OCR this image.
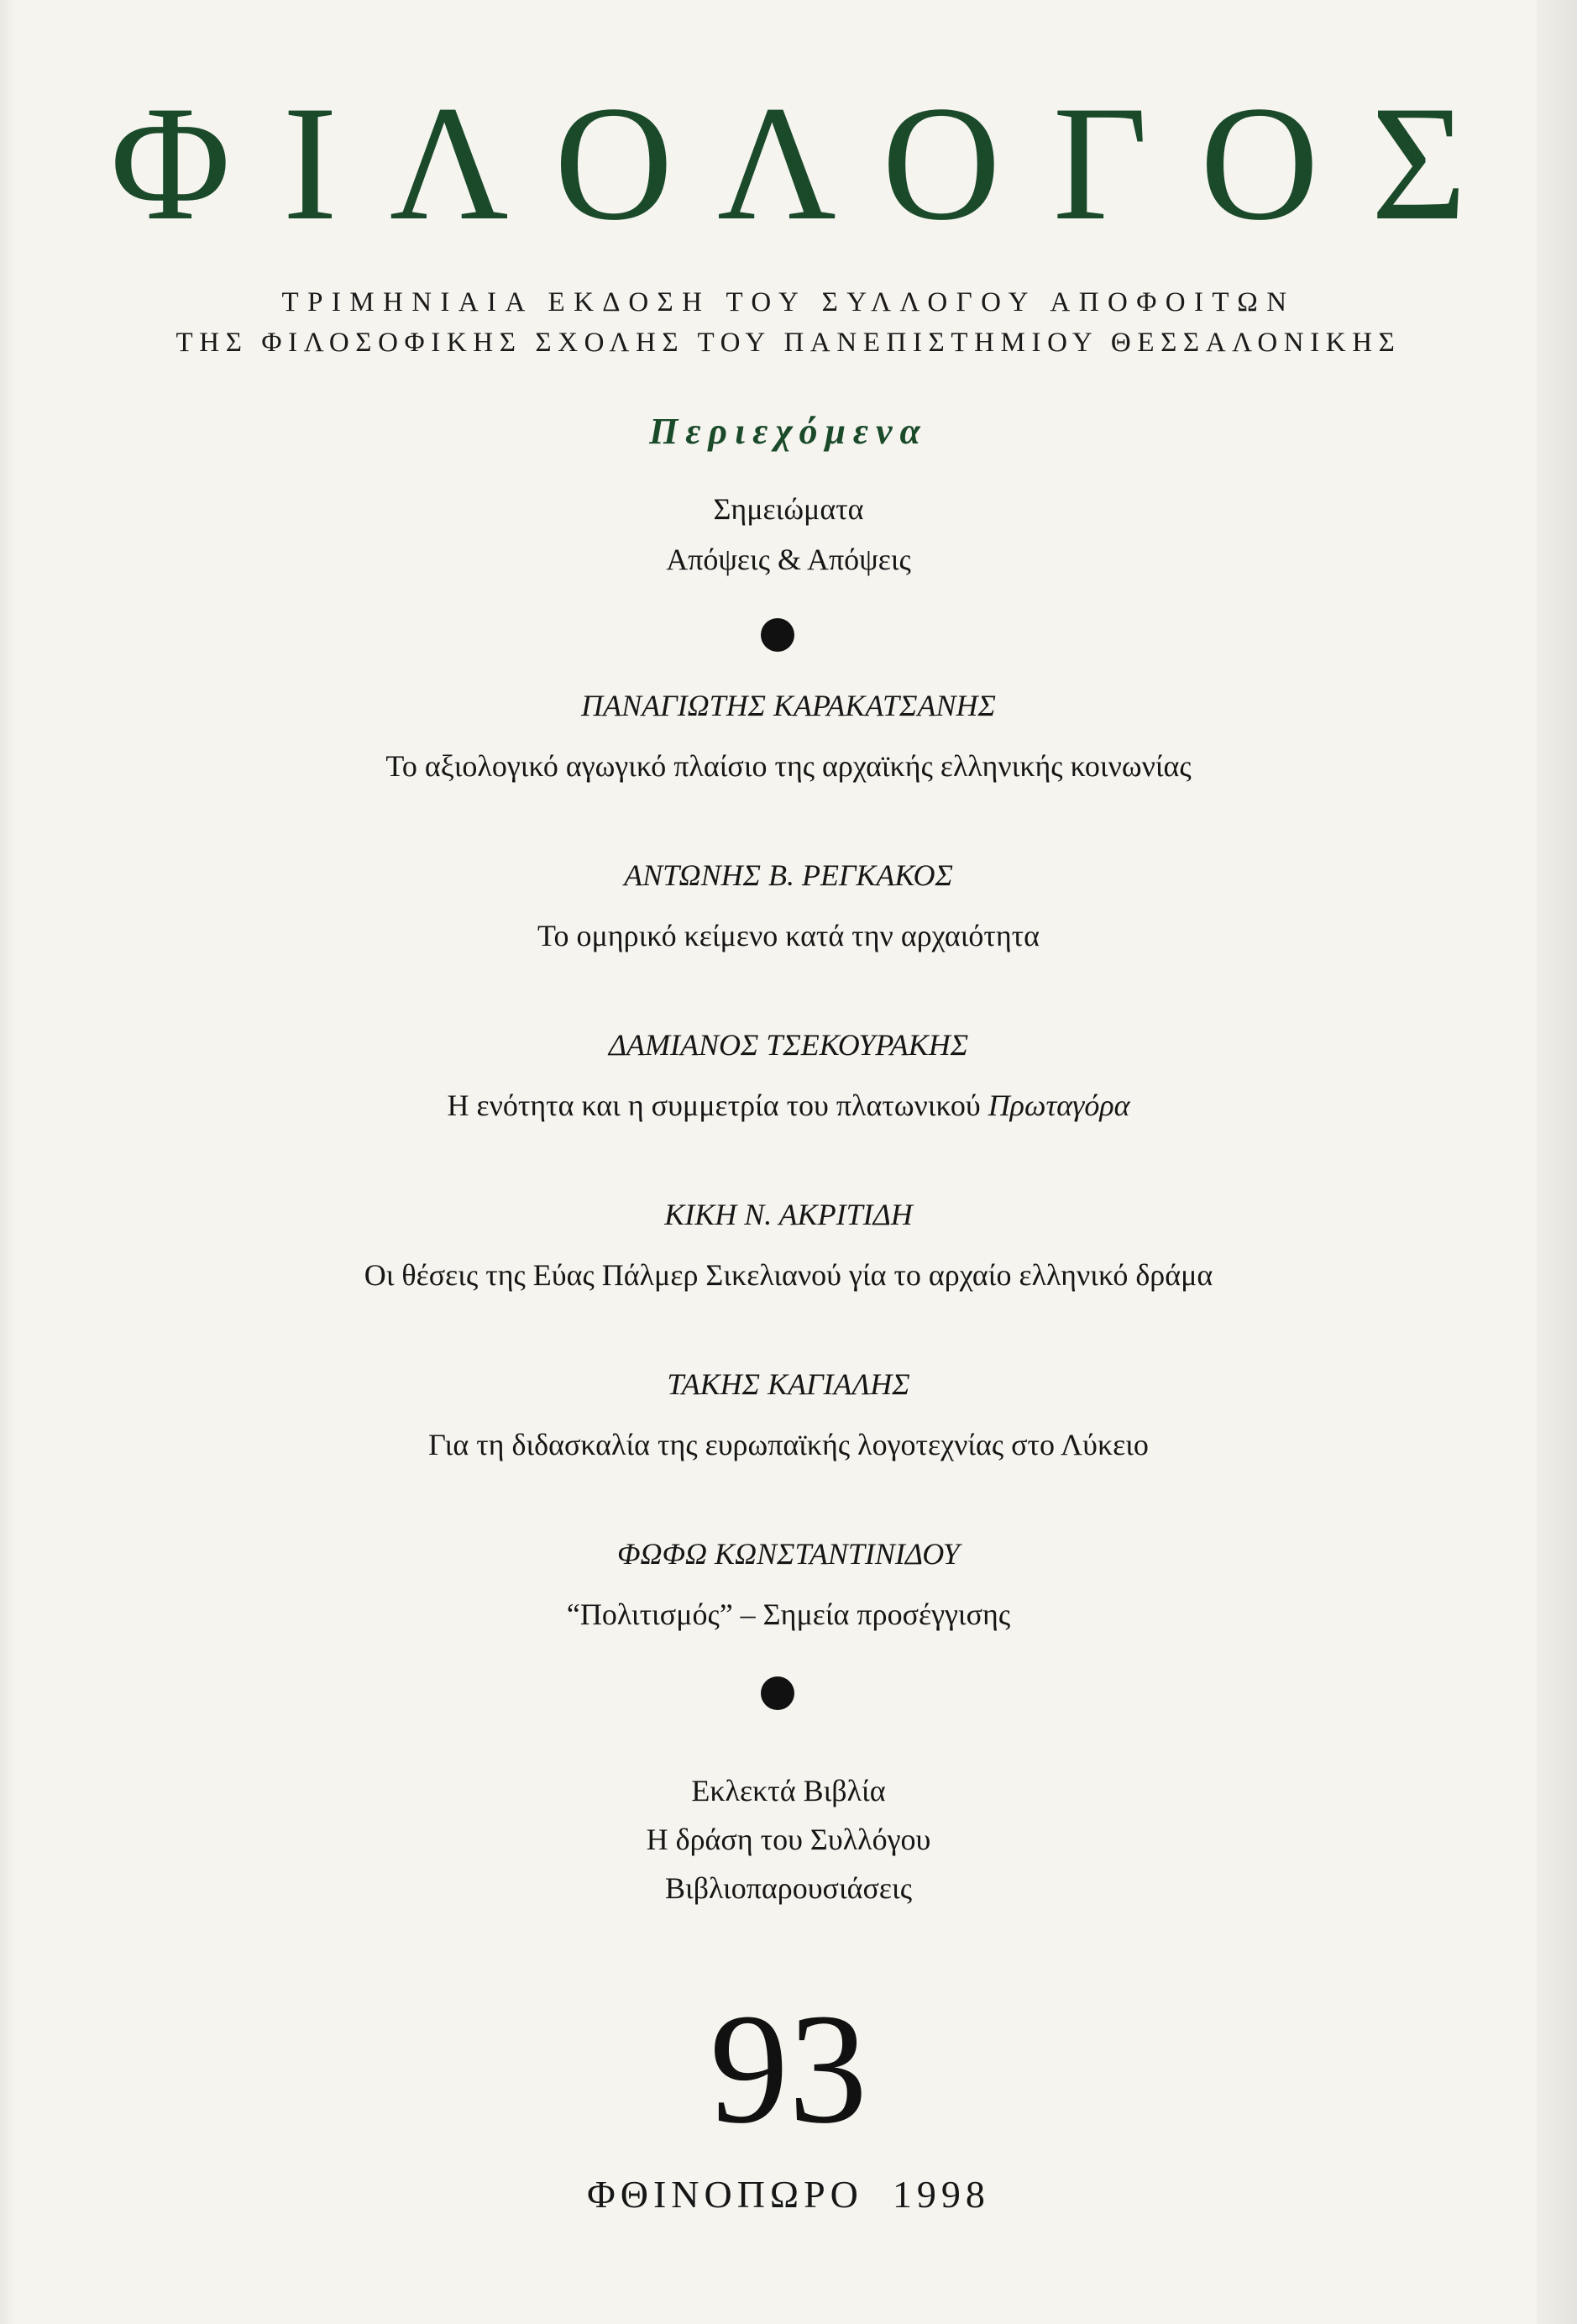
ΦΙΛΟΛΟΓΟΣ
ΤΡΙΜΗΝΙΑΙΑ ΕΚΔΟΣΗ ΤΟΥ ΣΥΛΛΟΓΟΥ ΑΠΟΦΟΙΤΩΝ
ΤΗΣ ΦΙΛΟΣΟΦΙΚΗΣ ΣΧΟΛΗΣ ΤΟΥ ΠΑΝΕΠΙΣΤΗΜΙΟΥ ΘΕΣΣΑΛΟΝΙΚΗΣ
Περιεχόμενα
Σημειώματα
Απόψεις & Απόψεις
ΠΑΝΑΓΙΩΤΗΣ ΚΑΡΑΚΑΤΣΑΝΗΣ
Το αξιολογικό αγωγικό πλαίσιο της αρχαϊκής ελληνικής κοινωνίας
ΑΝΤΩΝΗΣ Β. ΡΕΓΚΑΚΟΣ
Το ομηρικό κείμενο κατά την αρχαιότητα
ΔΑΜΙΑΝΟΣ ΤΣΕΚΟΥΡΑΚΗΣ
Η ενότητα και η συμμετρία του πλατωνικού Πρωταγόρα
ΚΙΚΗ Ν. ΑΚΡΙΤΙΔΗ
Οι θέσεις της Εύας Πάλμερ Σικελιανού γία το αρχαίο ελληνικό δράμα
ΤΑΚΗΣ ΚΑΓΙΑΛΗΣ
Για τη διδασκαλία της ευρωπαϊκής λογοτεχνίας στο Λύκειο
ΦΩΦΩ ΚΩΝΣΤΑΝΤΙΝΙΔΟΥ
“Πολιτισμός” – Σημεία προσέγγισης
Εκλεκτά Βιβλία
Η δράση του Συλλόγου
Βιβλιοπαρουσιάσεις
93
ΦΘΙΝΟΠΩΡΟ 1998
